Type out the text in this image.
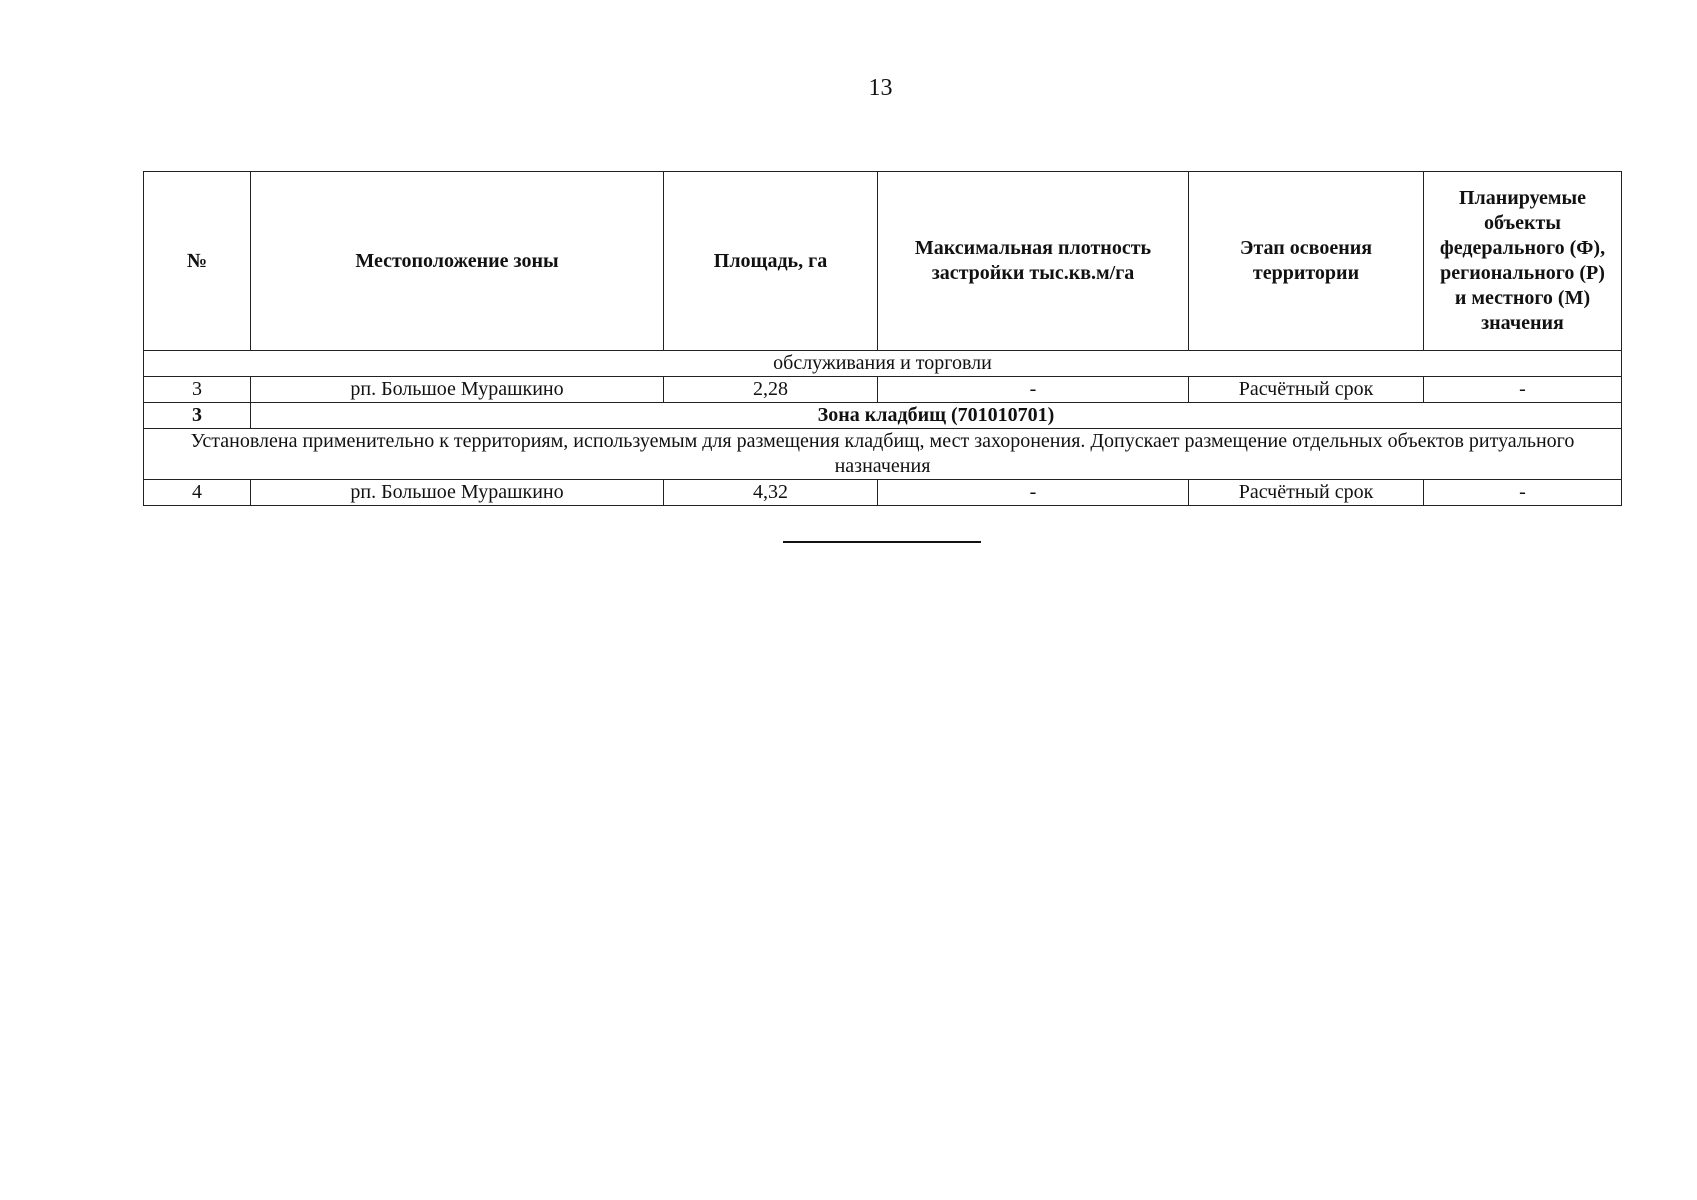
13
№	Местоположение зоны	Площадь, га	Максимальная плотность застройки тыс.кв.м/га	Этап освоения территории	Планируемые объекты федерального (Ф), регионального (Р) и местного (М) значения
обслуживания и торговли					
3	рп. Большое Мурашкино	2,28	-	Расчётный срок	-
3	Зона кладбищ (701010701)				
Установлена применительно к территориям, используемым для размещения кладбищ, мест захоронения. Допускает размещение отдельных объектов ритуального назначения					
4	рп. Большое Мурашкино	4,32	-	Расчётный срок	-
